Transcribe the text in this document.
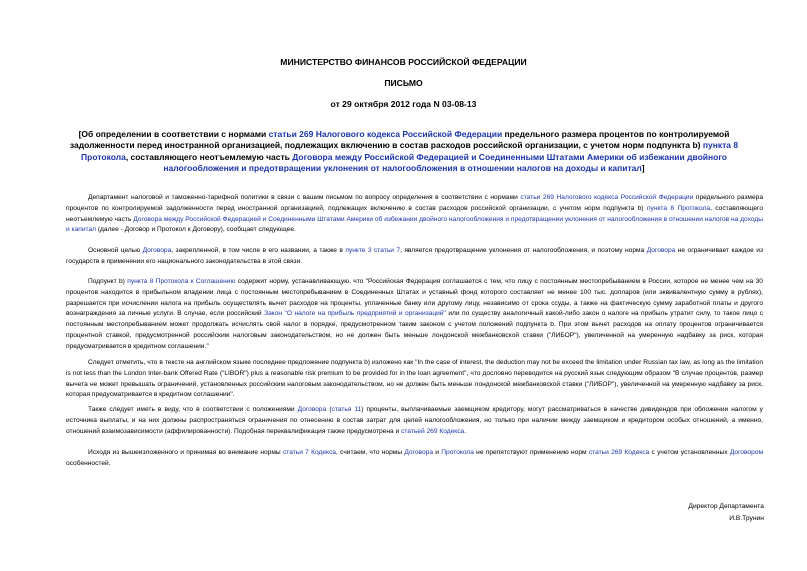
МИНИСТЕРСТВО ФИНАНСОВ РОССИЙСКОЙ ФЕДЕРАЦИИ
ПИСЬМО
от 29 октября 2012 года N 03-08-13
[Об определении в соответствии с нормами статьи 269 Налогового кодекса Российской Федерации предельного размера процентов по контролируемой задолженности перед иностранной организацией, подлежащих включению в состав расходов российской организации, с учетом норм подпункта b) пункта 8 Протокола, составляющего неотъемлемую часть Договора между Российской Федерацией и Соединенными Штатами Америки об избежании двойного налогообложения и предотвращении уклонения от налогообложения в отношении налогов на доходы и капитал]
Департамент налоговой и таможенно-тарифной политики в связи с вашим письмом по вопросу определения в соответствии с нормами статьи 269 Налогового кодекса Российской Федерации предельного размера процентов по контролируемой задолженности перед иностранной организацией, подлежащих включению в состав расходов российской организации, с учетом норм подпункта b) пункта 8 Протокола, составляющего неотъемлемую часть Договора между Российской Федерацией и Соединенными Штатами Америки об избежании двойного налогообложения и предотвращении уклонения от налогообложения в отношении налогов на доходы и капитал (далее - Договор и Протокол к Договору), сообщает следующее.
Основной целью Договора, закрепленной, в том числе в его названии, а также в пункте 3 статьи 7, является предотвращение уклонения от налогообложения, и поэтому норма Договора не ограничивает каждое из государств в применении его национального законодательства в этой связи.
Подпункт b) пункта 8 Протокола к Соглашению содержит норму, устанавливающую, что "Российская Федерация соглашается с тем, что лицу с постоянным местопребыванием в России, которое не менее чем на 30 процентов находится в прибыльном владении лица с постоянным местопребыванием в Соединенных Штатах и уставный фонд которого составляет не менее 100 тыс. долларов (или эквивалентную сумму в рублях), разрешается при исчислении налога на прибыль осуществлять вычет расходов на проценты, уплаченные банку или другому лицу, независимо от срока ссуды, а также на фактическую сумму заработной платы и другого вознаграждения за личные услуги. В случае, если российский Закон "О налоге на прибыль предприятий и организаций" или по существу аналогичный какой-либо закон о налоге на прибыль утратит силу, то такое лицо с постоянным местопребыванием может продолжать исчислять свой налог в порядке, предусмотренном таким законом с учетом положений подпункта b. При этом вычет расходов на оплату процентов ограничивается процентной ставкой, предусмотренной российским налоговым законодательством, но не должен быть меньше лондонской межбанковской ставки ("ЛИБОР"), увеличенной на умеренную надбавку за риск, которая предусматривается в кредитном соглашении."
Следует отметить, что в тексте на английском языке последнее предложение подпункта b) изложено как "In the case of interest, the deduction may not be exceed the limitation under Russian tax law, as long as the limitation is not less than the London Inter-bank Offered Rate ("LIBOR") plus a reasonable risk premium to be provided for in the loan agreement", что дословно переводится на русский язык следующим образом "В случае процентов, размер вычета не может превышать ограничений, установленных российским налоговым законодательством, но не должен быть меньше лондонской межбанковской ставки ("ЛИБОР"), увеличенной на умеренную надбавку за риск, которая предусматривается в кредитном соглашении".
Также следует иметь в виду, что в соответствии с положениями Договора (статья 11) проценты, выплачиваемые заемщиком кредитору, могут рассматриваться в качестве дивидендов при обложении налогом у источника выплаты, и на них должны распространяться ограничения по отнесению в состав затрат для целей налогообложения, но только при наличии между заемщиком и кредитором особых отношений, а именно, отношений взаимозависимости (аффилированности). Подобная переквалификация также предусмотрена и статьей 269 Кодекса.
Исходя из вышеизложенного и принимая во внимание нормы статьи 7 Кодекса, считаем, что нормы Договора и Протокола не препятствуют применению норм статьи 269 Кодекса с учетом установленных Договором особенностей.
Директор Департамента
И.В.Трунин
